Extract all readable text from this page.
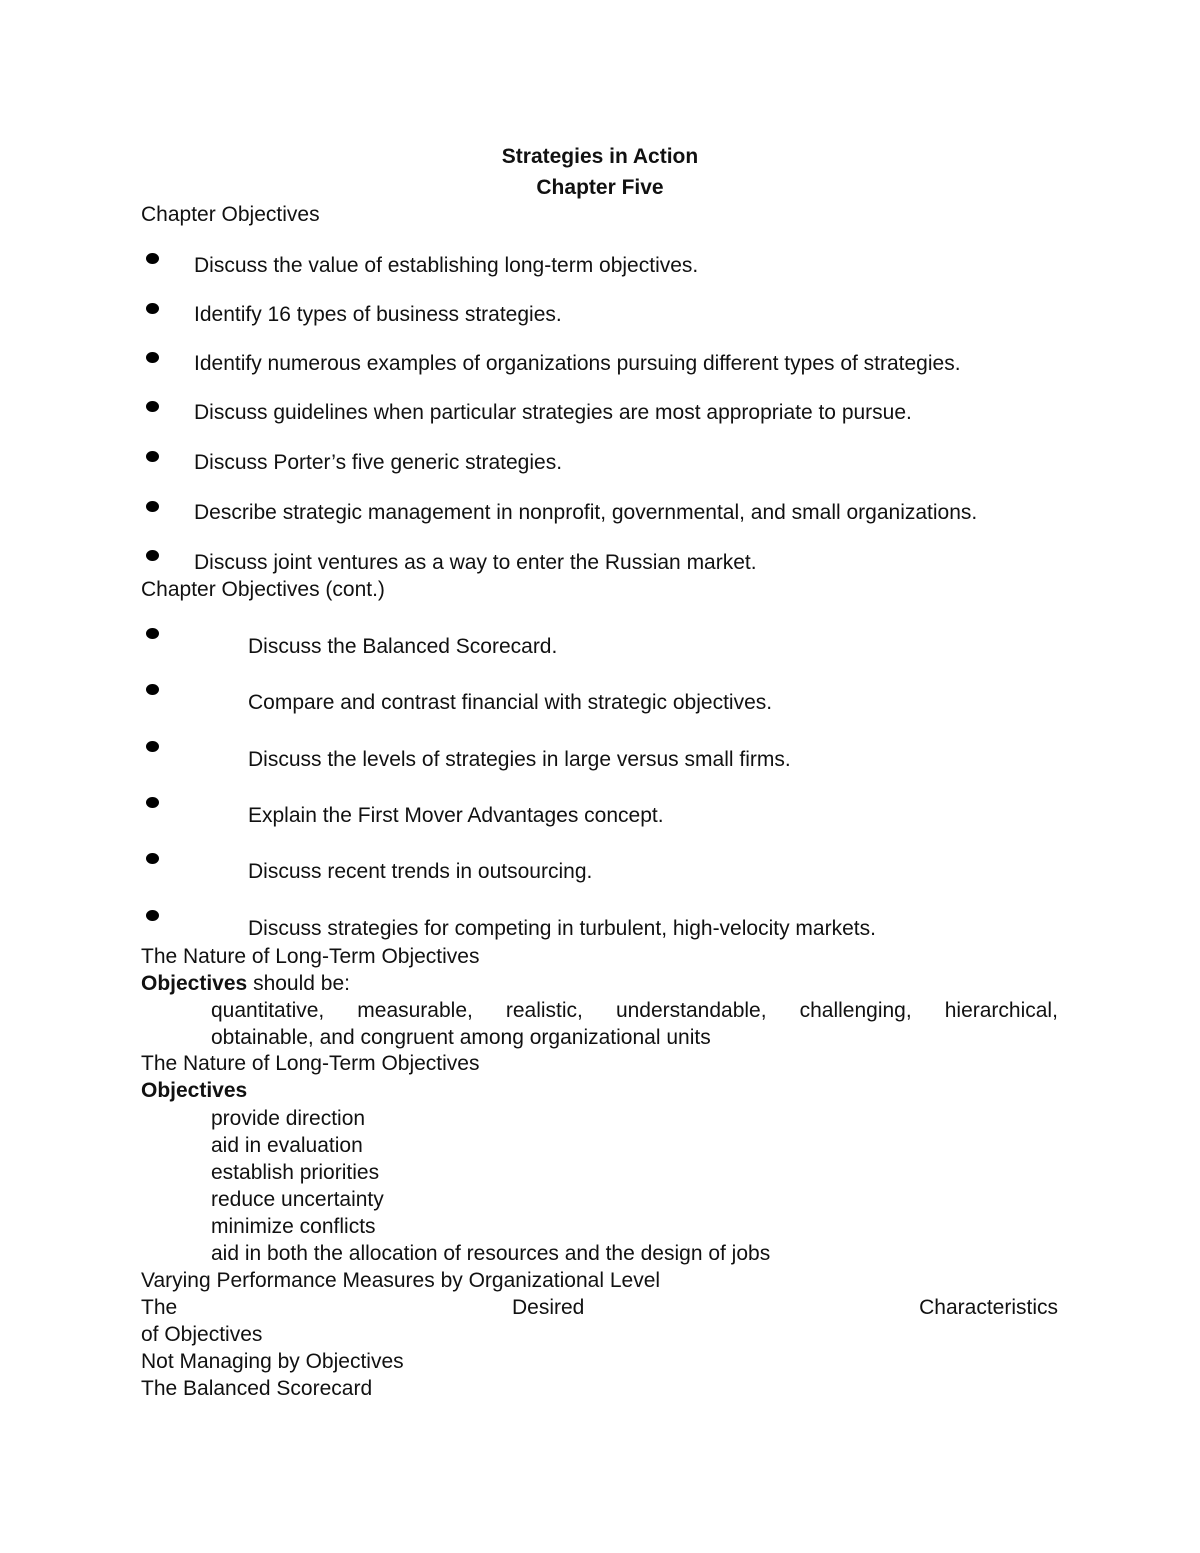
Strategies in Action
Chapter Five
Chapter Objectives
Discuss the value of establishing long-term objectives.
Identify 16 types of business strategies.
Identify numerous examples of organizations pursuing different types of strategies.
Discuss guidelines when particular strategies are most appropriate to pursue.
Discuss Porter’s five generic strategies.
Describe strategic management in nonprofit, governmental, and small organizations.
Discuss joint ventures as a way to enter the Russian market.
Chapter Objectives (cont.)
Discuss the Balanced Scorecard.
Compare and contrast financial with strategic objectives.
Discuss the levels of strategies in large versus small firms.
Explain the First Mover Advantages concept.
Discuss recent trends in outsourcing.
Discuss strategies for competing in turbulent, high-velocity markets.
The Nature of Long-Term Objectives
Objectives should be:
quantitative, measurable, realistic, understandable, challenging, hierarchical,
obtainable, and congruent among organizational units
The Nature of Long-Term Objectives
Objectives
provide direction
aid in evaluation
establish priorities
reduce uncertainty
minimize conflicts
aid in both the allocation of resources and the design of jobs
Varying Performance Measures by Organizational Level
The	Desired	Characteristics
of Objectives
Not Managing by Objectives
The Balanced Scorecard
